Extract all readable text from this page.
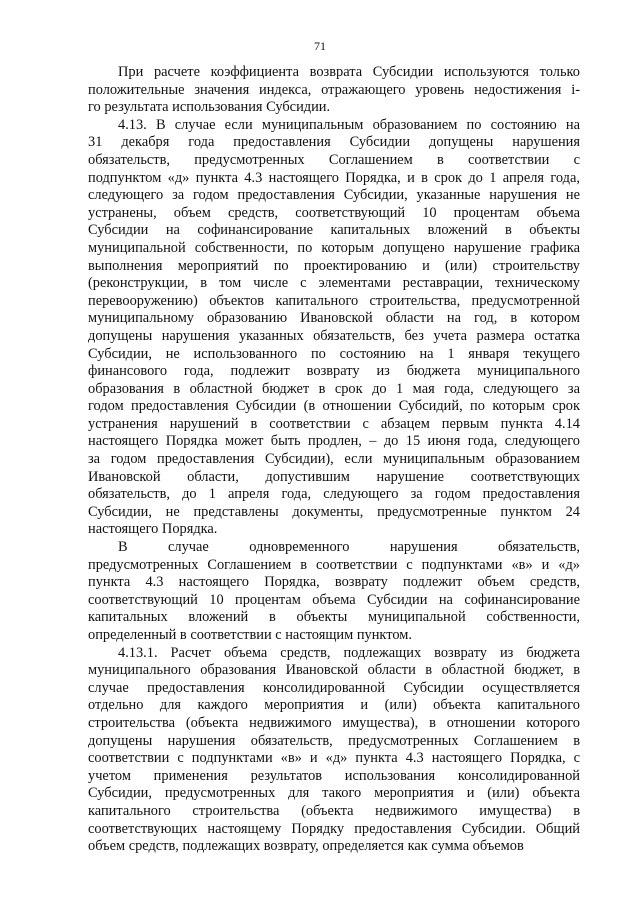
71
При расчете коэффициента возврата Субсидии используются только
положительные значения индекса, отражающего уровень недостижения i-
го результата использования Субсидии.
4.13. В случае если муниципальным образованием по состоянию на
31 декабря года предоставления Субсидии допущены нарушения
обязательств, предусмотренных Соглашением в соответствии с
подпунктом «д» пункта 4.3 настоящего Порядка, и в срок до 1 апреля года,
следующего за годом предоставления Субсидии, указанные нарушения не
устранены, объем средств, соответствующий 10 процентам объема
Субсидии на софинансирование капитальных вложений в объекты
муниципальной собственности, по которым допущено нарушение графика
выполнения мероприятий по проектированию и (или) строительству
(реконструкции, в том числе с элементами реставрации, техническому
перевооружению) объектов капитального строительства, предусмотренной
муниципальному образованию Ивановской области на год, в котором
допущены нарушения указанных обязательств, без учета размера остатка
Субсидии, не использованного по состоянию на 1 января текущего
финансового года, подлежит возврату из бюджета муниципального
образования в областной бюджет в срок до 1 мая года, следующего за
годом предоставления Субсидии (в отношении Субсидий, по которым срок
устранения нарушений в соответствии с абзацем первым пункта 4.14
настоящего Порядка может быть продлен, – до 15 июня года, следующего
за годом предоставления Субсидии), если муниципальным образованием
Ивановской области, допустившим нарушение соответствующих
обязательств, до 1 апреля года, следующего за годом предоставления
Субсидии, не представлены документы, предусмотренные пунктом 24
настоящего Порядка.
В случае одновременного нарушения обязательств,
предусмотренных Соглашением в соответствии с подпунктами «в» и «д»
пункта 4.3 настоящего Порядка, возврату подлежит объем средств,
соответствующий 10 процентам объема Субсидии на софинансирование
капитальных вложений в объекты муниципальной собственности,
определенный в соответствии с настоящим пунктом.
4.13.1. Расчет объема средств, подлежащих возврату из бюджета
муниципального образования Ивановской области в областной бюджет, в
случае предоставления консолидированной Субсидии осуществляется
отдельно для каждого мероприятия и (или) объекта капитального
строительства (объекта недвижимого имущества), в отношении которого
допущены нарушения обязательств, предусмотренных Соглашением в
соответствии с подпунктами «в» и «д» пункта 4.3 настоящего Порядка, с
учетом применения результатов использования консолидированной
Субсидии, предусмотренных для такого мероприятия и (или) объекта
капитального строительства (объекта недвижимого имущества) в
соответствующих настоящему Порядку предоставления Субсидии. Общий
объем средств, подлежащих возврату, определяется как сумма объемов
